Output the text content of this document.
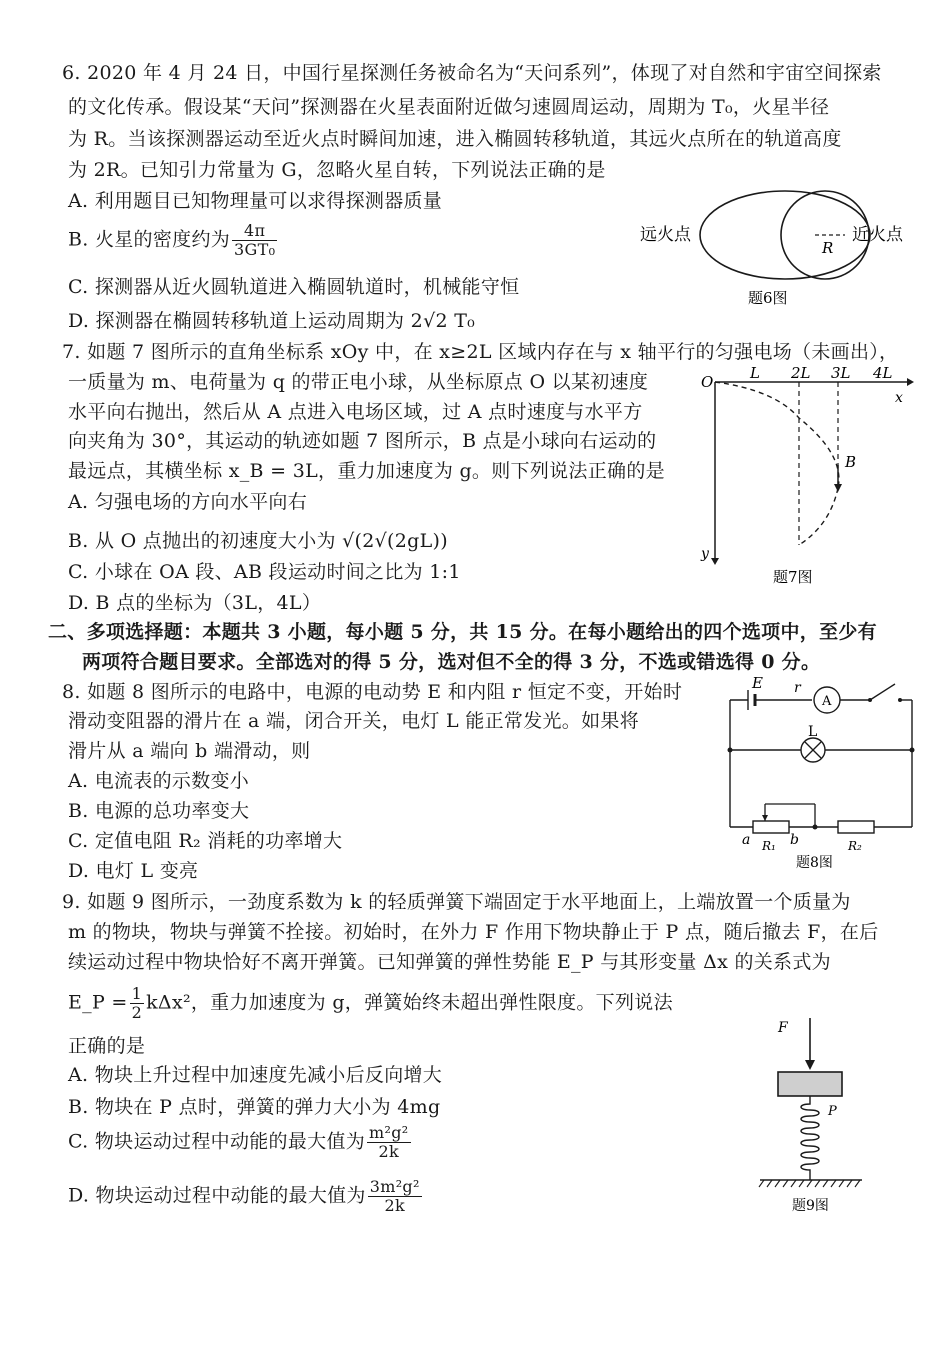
6. 2020 年 4 月 24 日，中国行星探测任务被命名为“天问系列”，体现了对自然和宇宙空间探索
的文化传承。假设某“天问”探测器在火星表面附近做匀速圆周运动，周期为 T₀，火星半径
为 R。当该探测器运动至近火点时瞬间加速，进入椭圆转移轨道，其远火点所在的轨道高度
为 2R。已知引力常量为 G，忽略火星自转，下列说法正确的是
A. 利用题目已知物理量可以求得探测器质量
B. 火星的密度约为 $\frac{4\pi}{\text{3GT₀}}$
C. 探测器从近火圆轨道进入椭圆轨道时，机械能守恒
D. 探测器在椭圆转移轨道上运动周期为 2√2 T₀
R
远火点	近火点
题6图
7. 如题 7 图所示的直角坐标系 xOy 中，在 x≥2L 区域内存在与 x 轴平行的匀强电场（未画出），
一质量为 m、电荷量为 q 的带正电小球，从坐标原点 O 以某初速度
水平向右抛出，然后从 A 点进入电场区域，过 A 点时速度与水平方
向夹角为 30°，其运动的轨迹如题 7 图所示，B 点是小球向右运动的
最远点，其横坐标 x_B = 3L，重力加速度为 g。则下列说法正确的是
A. 匀强电场的方向水平向右
B. 从 O 点抛出的初速度大小为 √(2√(2gL))
C. 小球在 OA 段、AB 段运动时间之比为 1:1
D. B 点的坐标为（3L，4L）
O L 2L 3L 4L
x
y
B
题7图
二、多项选择题：本题共 3 小题，每小题 5 分，共 15 分。在每小题给出的四个选项中，至少有
两项符合题目要求。全部选对的得 5 分，选对但不全的得 3 分，不选或错选得 0 分。
8. 如题 8 图所示的电路中，电源的电动势 E 和内阻 r 恒定不变，开始时
滑动变阻器的滑片在 a 端，闭合开关，电灯 L 能正常发光。如果将
滑片从 a 端向 b 端滑动，则
A. 电流表的示数变小
B. 电源的总功率变大
C. 定值电阻 R₂ 消耗的功率增大
D. 电灯 L 变亮
E r
A
L
a	b
R₁	R₂
题8图
9. 如题 9 图所示，一劲度系数为 k 的轻质弹簧下端固定于水平地面上，上端放置一个质量为
m 的物块，物块与弹簧不拴接。初始时，在外力 F 作用下物块静止于 P 点，随后撤去 F，在后
续运动过程中物块恰好不离开弹簧。已知弹簧的弹性势能 E_P 与其形变量 Δx 的关系式为
E_P = $\frac{1}{2} k\Delta x^2$，重力加速度为 g，弹簧始终未超出弹性限度。下列说法
正确的是
A. 物块上升过程中加速度先减小后反向增大
B. 物块在 P 点时，弹簧的弹力大小为 4mg
C. 物块运动过程中动能的最大值为 $\frac{\text{m²g²}}{2k}$
D. 物块运动过程中动能的最大值为 $\frac{\text{3m²g²}}{2k}$
F
P
题9图
